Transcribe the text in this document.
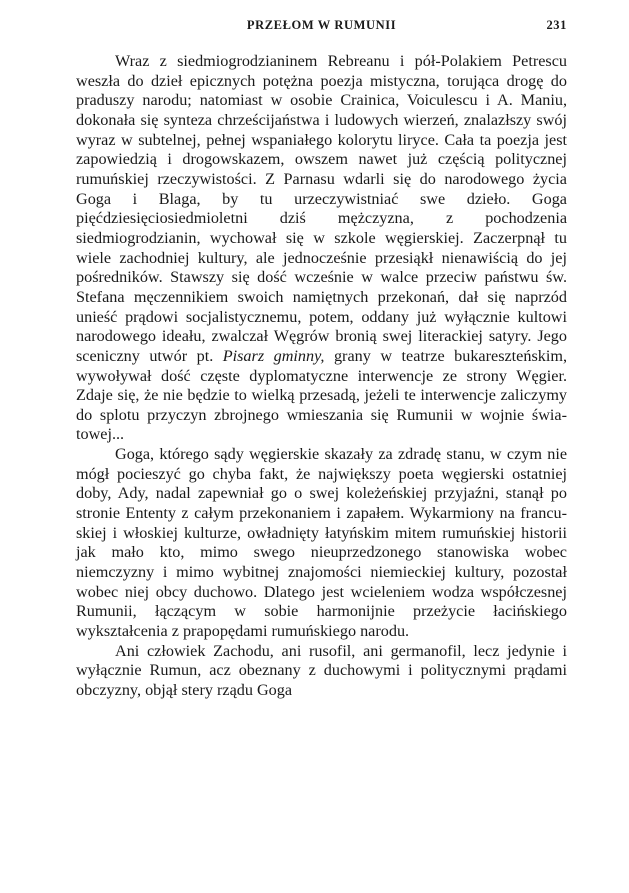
PRZEŁOM W RUMUNII	231

Wraz z siedmiogrodzianinem Rebreanu i pół-Polakiem Petrescu weszła do dzieł epicznych potężna poezja mistyczna, torująca drogę do praduszy narodu; natomiast w osobie Crainica, Voiculescu i A. Maniu, dokonała się synteza chrześcijaństwa i ludowych wierzeń, znalazłszy swój wyraz w subtelnej, pełnej wspaniałego kolorytu liryce. Cała ta poezja jest zapowiedzią i drogowskazem, owszem nawet już częścią politycznej rumuńskiej rzeczywistości. Z Parnasu wdarli się do narodowego życia Goga i Blaga, by tu urzeczywistniać swe dzieło. Goga pięćdziesięciosiedmioletni dziś mężczyzna, z pochodzenia siedmiogrodzianin, wychował się w szkole węgierskiej. Zaczerpnął tu wiele zachodniej kultury, ale jednocześnie przesiąkł nienawiścią do jej pośredników. Stawszy się dość wcześnie w walce przeciw państwu św. Stefana męczennikiem swoich namiętnych przekonań, dał się naprzód unieść prądowi socjalistycznemu, potem, oddany już wyłącznie kultowi narodowego ideału, zwalczał Węgrów bronią swej literackiej satyry. Jego sceniczny utwór pt. Pisarz gminny, grany w teatrze bukareszteńskim, wywoływał dość częste dyplomatyczne interwencje ze strony Węgier. Zdaje się, że nie będzie to wielką przesadą, jeżeli te interwencje zaliczymy do splotu przyczyn zbrojnego wmieszania się Rumunii w wojnie światowej...

Goga, którego sądy węgierskie skazały za zdradę stanu, w czym nie mógł pocieszyć go chyba fakt, że największy poeta węgierski ostatniej doby, Ady, nadal zapewniał go o swej koleżeńskiej przyjaźni, stanął po stronie Ententy z całym przekonaniem i zapałem. Wykarmiony na francuskiej i włoskiej kulturze, owładnięty łatyńskim mitem rumuńskiej historii jak mało kto, mimo swego nieuprzedzonego stanowiska wobec niemczyzny i mimo wybitnej znajomości niemieckiej kultury, pozostał wobec niej obcy duchowo. Dlatego jest wcieleniem wodza współczesnej Rumunii, łączącym w sobie harmonijnie przeżycie łacińskiego wykształcenia z prapopędami rumuńskiego narodu.

Ani człowiek Zachodu, ani rusofil, ani germanofil, lecz jedynie i wyłącznie Rumun, acz obeznany z duchowymi i politycznymi prądami obczyzny, objął stery rządu Goga
